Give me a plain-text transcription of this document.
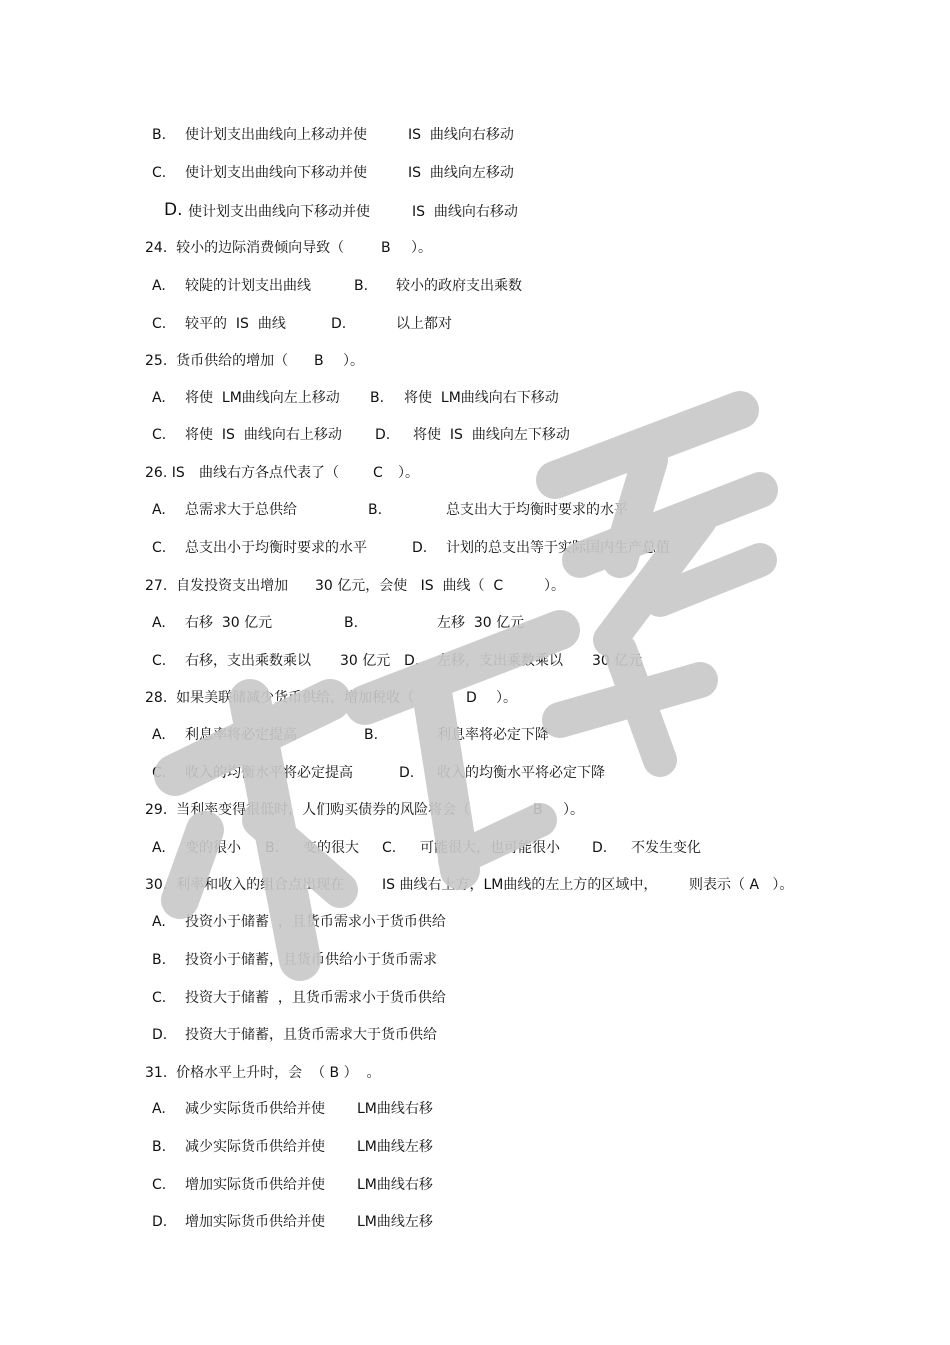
B. 使计划支出曲线向上移动并使	IS  曲线向右移动
C. 使计划支出曲线向下移动并使	IS  曲线向左移动
D. 使计划支出曲线向下移动并使	IS  曲线向右移动
24.  较小的边际消费倾向导致（	B ）。
A. 较陡的计划支出曲线	B. 较小的政府支出乘数
C. 较平的  IS  曲线	D.	以上都对
25.  货币供给的增加（ B ）。
A. 将使  LM曲线向左上移动 B. 将使  LM曲线向右下移动
C. 将使  IS  曲线向右上移动 D. 将使  IS  曲线向左下移动
26. IS 曲线右方各点代表了（ C ）。
A. 总需求大于总供给	B.	总支出大于均衡时要求的水平
C. 总支出小于均衡时要求的水平	D. 计划的总支出等于实际国内生产总值
27.  自发投资支出增加 30 亿元，会使   IS  曲线（  C	）。
A. 右移  30 亿元	B.	左移  30 亿元
C. 右移，支出乘数乘以 30 亿元 D. 左移，支出乘数乘以 30 亿元
28.  如果美联储减少货币供给，增加税收（	D ）。
A. 利息率将必定提高	B.	利息率将必定下降
C. 收入的均衡水平将必定提高	D. 收入的均衡水平将必定下降
29.  当利率变得很低时，人们购买债券的风险将会（	B ）。
A. 变的很小 B. 变的很大 C. 可能很大，也可能很小 D. 不发生变化
30.  利率和收入的组合点出现在	IS 曲线右上方，LM曲线的左上方的区域中， 则表示（ A   ）。
A. 投资小于储蓄  ，且货币需求小于货币供给
B. 投资小于储蓄，且货币供给小于货币需求
C. 投资大于储蓄  ，且货币需求小于货币供给
D. 投资大于储蓄，且货币需求大于货币供给
31.  价格水平上升时，会  （ B ）  。
A. 减少实际货币供给并使 LM曲线右移
B. 减少实际货币供给并使 LM曲线左移
C. 增加实际货币供给并使 LM曲线右移
D. 增加实际货币供给并使 LM曲线左移
